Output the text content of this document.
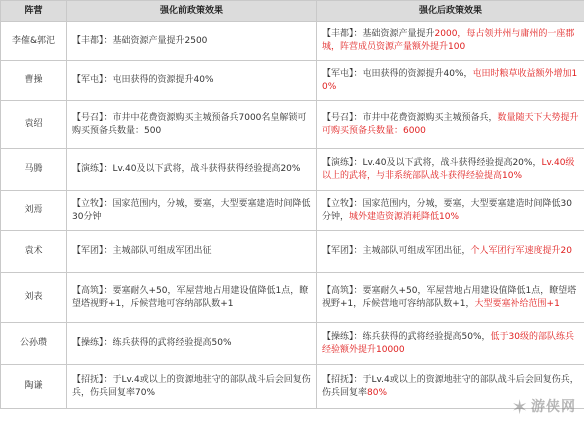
阵营	强化前政策效果	强化后政策效果
李傕&郭汜	【丰都】：基础资源产量提升2500	【丰都】：基础资源产量提升2000，每占领并州与庸州的一座郡城，阵营成员资源产量额外提升100
曹操	【军屯】：屯田获得的资源提升40%	【军屯】：屯田获得的资源提升40%，屯田时粮草收益额外增加10%
袁绍	【号召】：市井中花费资源购买主城预备兵7000名皇解锁可购买预备兵数量：500	【号召】：市井中花费资源购买主城预备兵，数量随天下大势提升可购买预备兵数量：6000
马腾	【演练】：Lv.40及以下武将，战斗获得获得经验提高20%	【演练】：Lv.40及以下武将，战斗获得经验提高20%，Lv.40级以上的武将，与非系统部队战斗获得经验提高10%
刘焉	【立牧】：国家范围内，分城，要塞，大型要塞建造时间降低30分钟	【立牧】：国家范围内，分城，要塞，大型要塞建造时间降低30分钟，城外建造资源消耗降低10%
袁术	【军团】：主城部队可组成军团出征	【军团】：主城部队可组成军团出征，个人军团行军速度提升20
刘表	【高筑】：要塞耐久+50，军屋营地占用建设值降低1点，瞭望塔视野+1，斥候营地可容纳部队数+1	【高筑】：要塞耐久+50，军屋营地占用建设值降低1点，瞭望塔视野+1，斥候营地可容纳部队数+1，大型要塞补给范围+1
公孙瓒	【操练】：练兵获得的武将经验提高50%	【操练】：练兵获得的武将经验提高50%，低于30级的部队练兵经验额外提升10000
陶谦	【招抚】：于Lv.4或以上的资源地驻守的部队战斗后会回复伤兵，伤兵回复率70%	【招抚】：于Lv.4或以上的资源地驻守的部队战斗后会回复伤兵，伤兵回复率80%
✶ 游侠网
